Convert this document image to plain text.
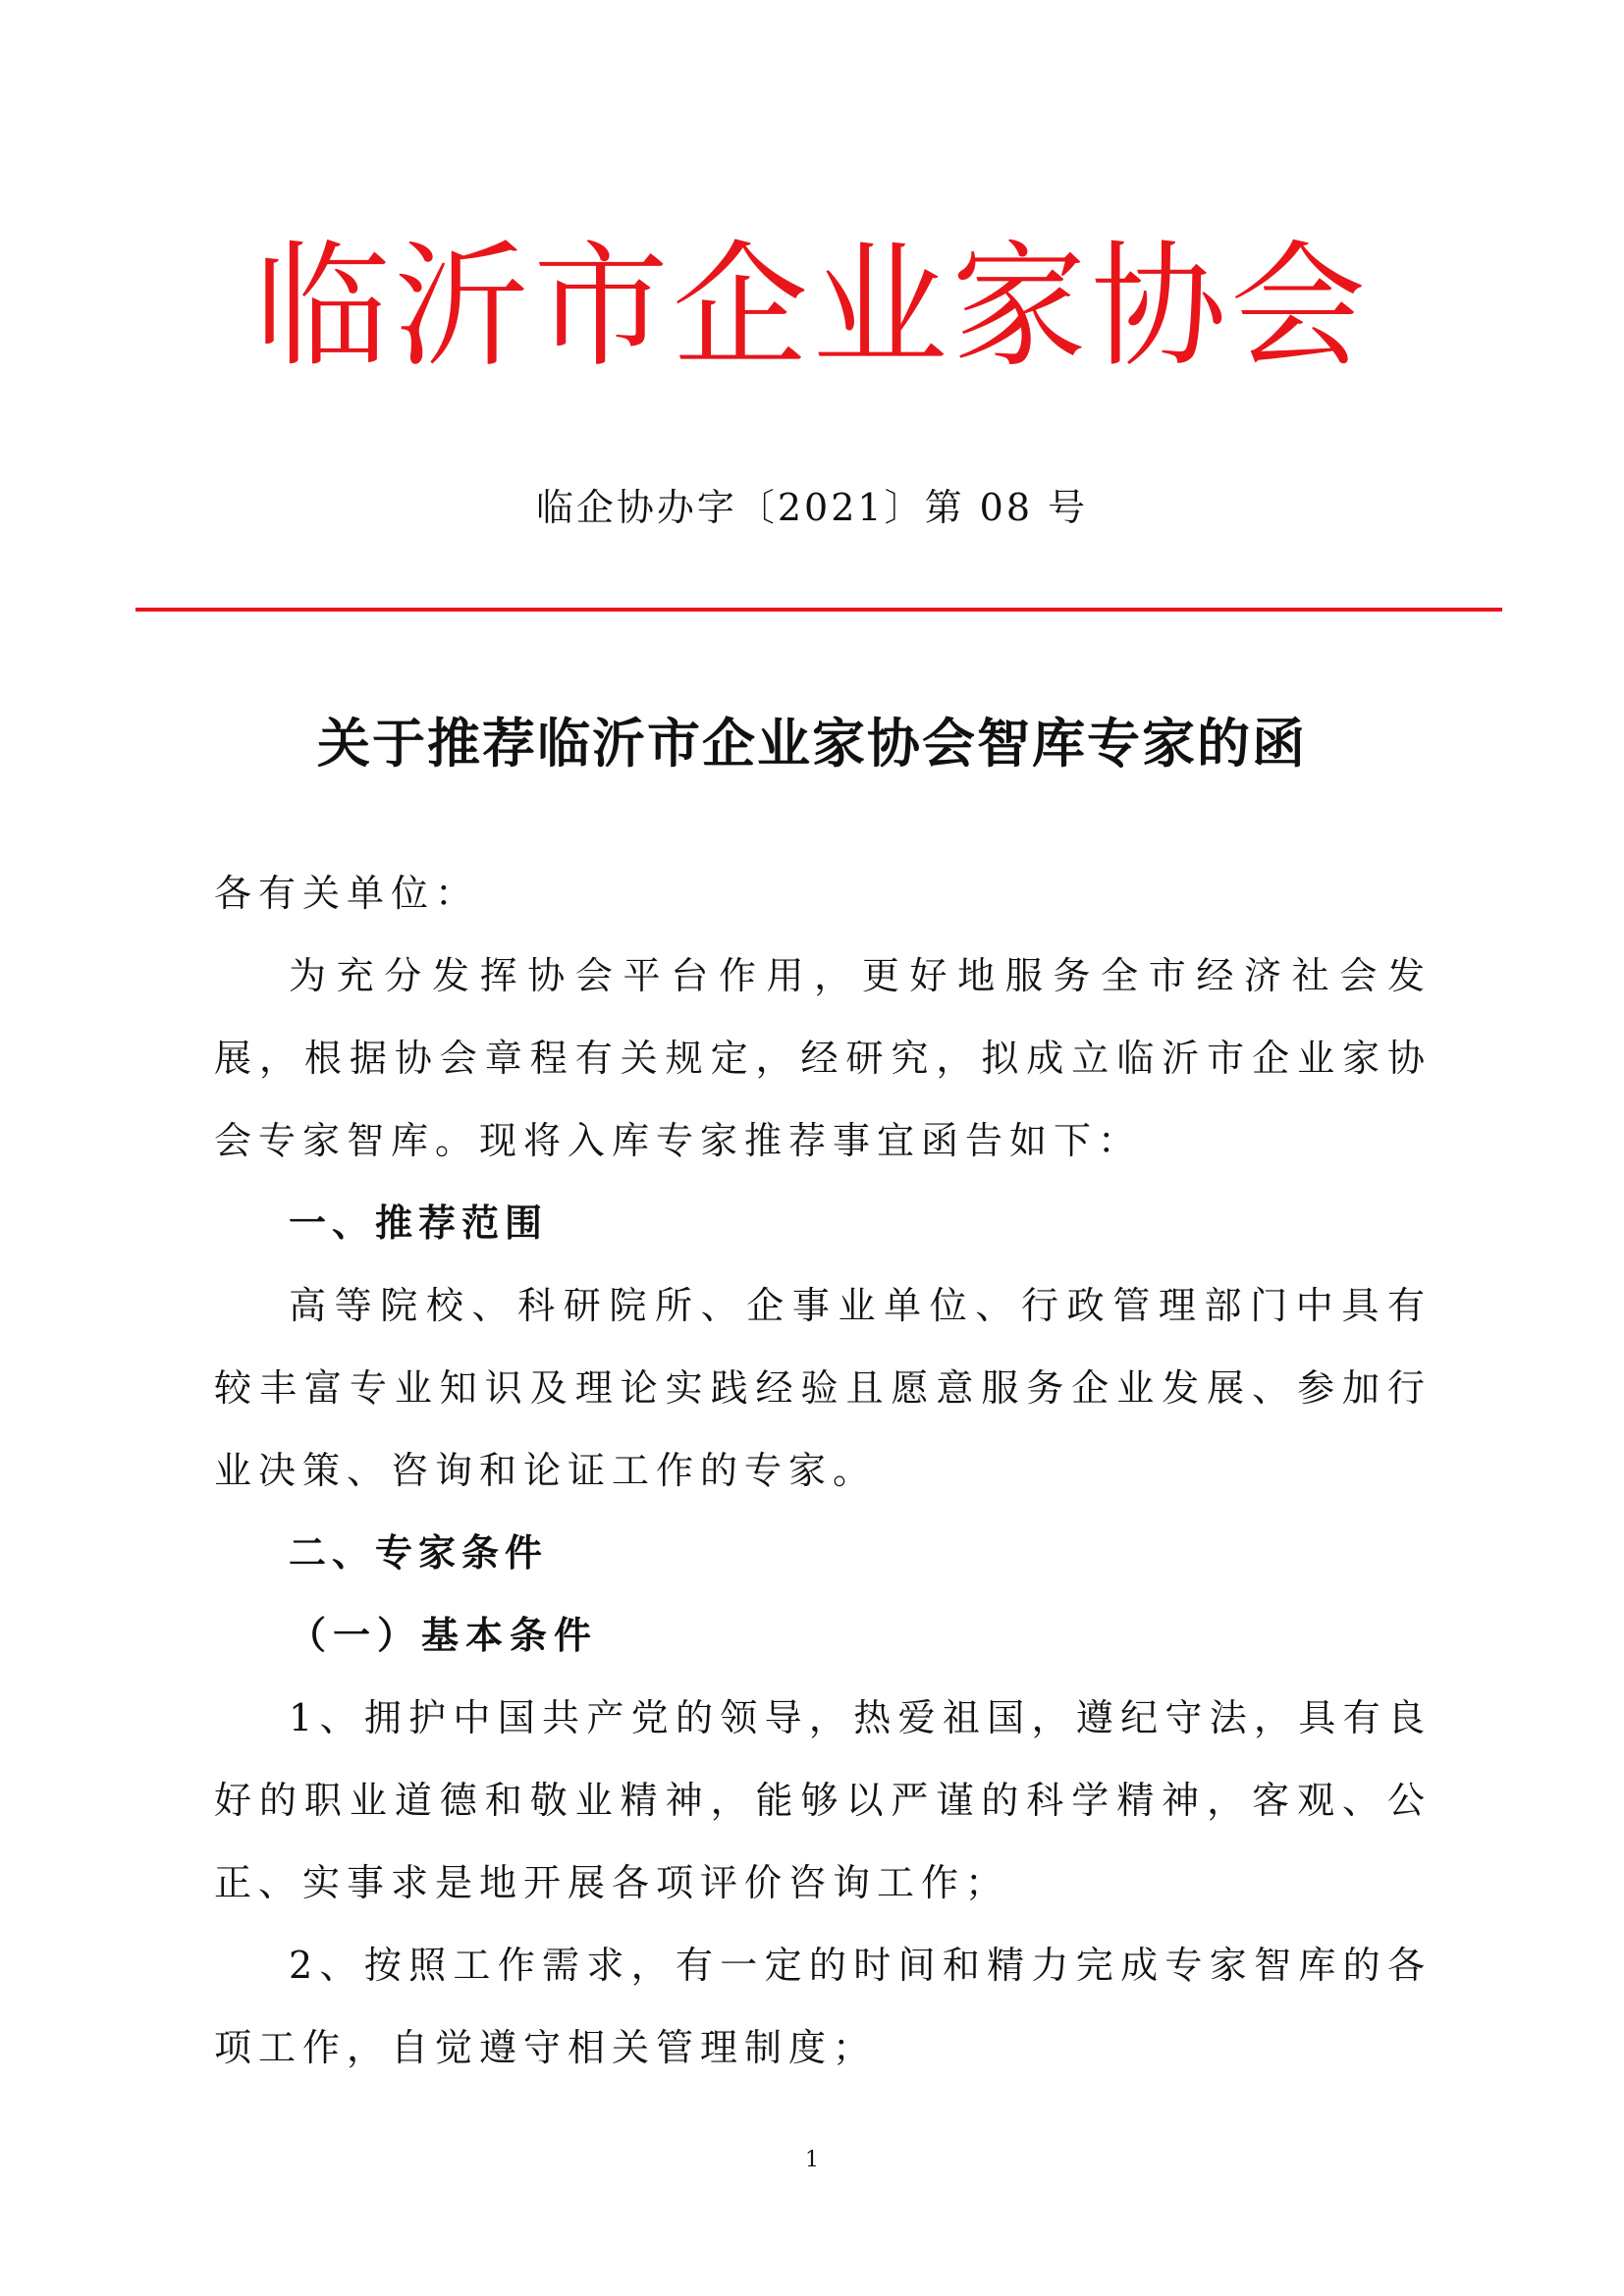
临沂市企业家协会
临企协办字〔2021〕第 08 号
关于推荐临沂市企业家协会智库专家的函

各有关单位：

为充分发挥协会平台作用，更好地服务全市经济社会发展，根据协会章程有关规定，经研究，拟成立临沂市企业家协会专家智库。现将入库专家推荐事宜函告如下：

一、推荐范围

高等院校、科研院所、企事业单位、行政管理部门中具有较丰富专业知识及理论实践经验且愿意服务企业发展、参加行业决策、咨询和论证工作的专家。

二、专家条件

（一）基本条件

1、拥护中国共产党的领导，热爱祖国，遵纪守法，具有良好的职业道德和敬业精神，能够以严谨的科学精神，客观、公正、实事求是地开展各项评价咨询工作；

2、按照工作需求，有一定的时间和精力完成专家智库的各项工作，自觉遵守相关管理制度；

1
